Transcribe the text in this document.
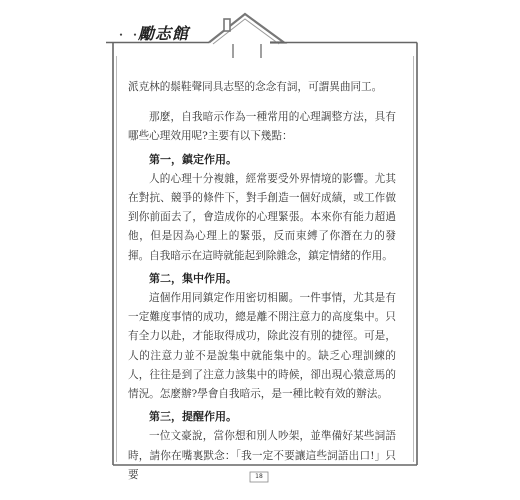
・・
勵志館

派克林的鬃鞋聲同具志堅的念念有詞，可謂異曲同工。

那麼，自我暗示作為一種常用的心理調整方法，具有哪些心理效用呢?主要有以下幾點：

第一，鎮定作用。

人的心理十分複雜，經常要受外界情境的影響。尤其在對抗、競爭的條件下，對手創造一個好成績，或工作做到你前面去了，會造成你的心理緊張。本來你有能力超過他，但是因為心理上的緊張，反而束縛了你潛在力的發揮。自我暗示在這時就能起到除雜念，鎮定情緒的作用。

第二，集中作用。

這個作用同鎮定作用密切相關。一件事情，尤其是有一定難度事情的成功，總是離不開注意力的高度集中。只有全力以赴，才能取得成功，除此沒有別的捷徑。可是，人的注意力並不是說集中就能集中的。缺乏心理訓練的人，往往是到了注意力該集中的時候，卻出現心猿意馬的情況。怎麼辦?學會自我暗示，是一種比較有效的辦法。

第三，提醒作用。

一位文豪說，當你想和別人吵架，並準備好某些詞語時，請你在嘴裏默念：「我一定不要讓這些詞語出口!」只要	18
